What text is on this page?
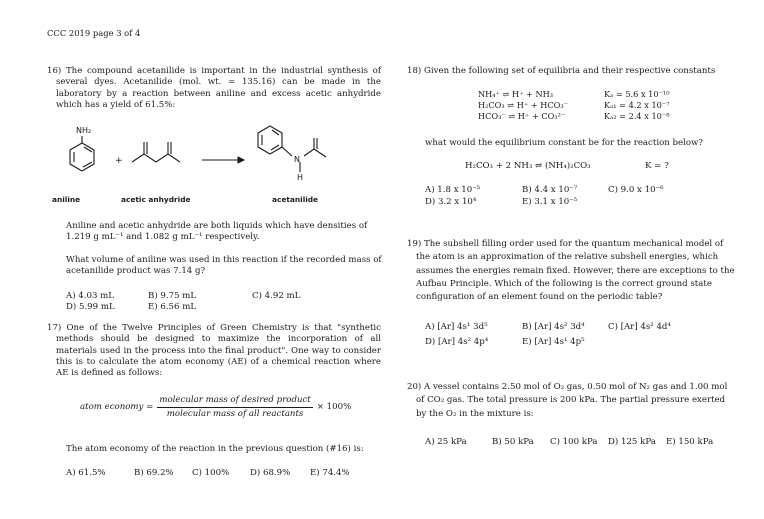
CCC 2019 page 3 of 4
16) The compound acetanilide is important in the industrial synthesis of several dyes. Acetanilide (mol. wt. = 135.16) can be made in the laboratory by a reaction between aniline and excess acetic anhydride which has a yield of 61.5%:
NH₂
+	N
H
aniline	acetic anhydride	acetanilide
Aniline and acetic anhydride are both liquids which have densities of 1.219 g mL⁻¹ and 1.082 g mL⁻¹ respectively.
What volume of aniline was used in this reaction if the recorded mass of acetanilide product was 7.14 g?
A) 4.03 mL	B) 9.75 mL	C) 4.92 mL
D) 5.99 mL	E) 6.56 mL
17) One of the Twelve Principles of Green Chemistry is that "synthetic methods should be designed to maximize the incorporation of all materials used in the process into the final product". One way to consider this is to calculate the atom economy (AE) of a chemical reaction where AE is defined as follows:
atom economy = $\frac{\text{molecular mass of desired product}}{\text{molecular mass of all reactants}} \times 100\%$
The atom economy of the reaction in the previous question (#16) is:
A) 61.5%	B) 69.2% C) 100% D) 68.9% E) 74.4%
18) Given the following set of equilibria and their respective constants
NH₄⁺ ⇌ H⁺ + NH₃	Kₐ = 5.6 x 10⁻¹⁰
H₂CO₃ ⇌ H⁺ + HCO₃⁻	Kₐ₁ = 4.2 x 10⁻⁷
HCO₃⁻ ⇌ H⁺ + CO₃²⁻	Kₐ₂ = 2.4 x 10⁻⁸
what would the equilibrium constant be for the reaction below?
H₂CO₃ + 2 NH₃ ⇌ (NH₄)₂CO₃	K = ?
A) 1.8 x 10⁻⁵	B) 4.4 x 10⁻⁷	C) 9.0 x 10⁻⁶
D) 3.2 x 10⁴	E) 3.1 x 10⁻⁵
19) The subshell filling order used for the quantum mechanical model of the atom is an approximation of the relative subshell energies, which assumes the energies remain fixed. However, there are exceptions to the Aufbau Principle. Which of the following is the correct ground state configuration of an element found on the periodic table?
A) [Ar] 4s¹ 3d⁵	B) [Ar] 4s² 3d⁴	C) [Ar] 4s² 4d⁴
D) [Ar] 4s² 4p⁴	E) [Ar] 4s¹ 4p⁵
20) A vessel contains 2.50 mol of O₂ gas, 0.50 mol of N₂ gas and 1.00 mol of CO₂ gas. The total pressure is 200 kPa. The partial pressure exerted by the O₂ in the mixture is:
A) 25 kPa	B) 50 kPa C) 100 kPa D) 125 kPa E) 150 kPa
